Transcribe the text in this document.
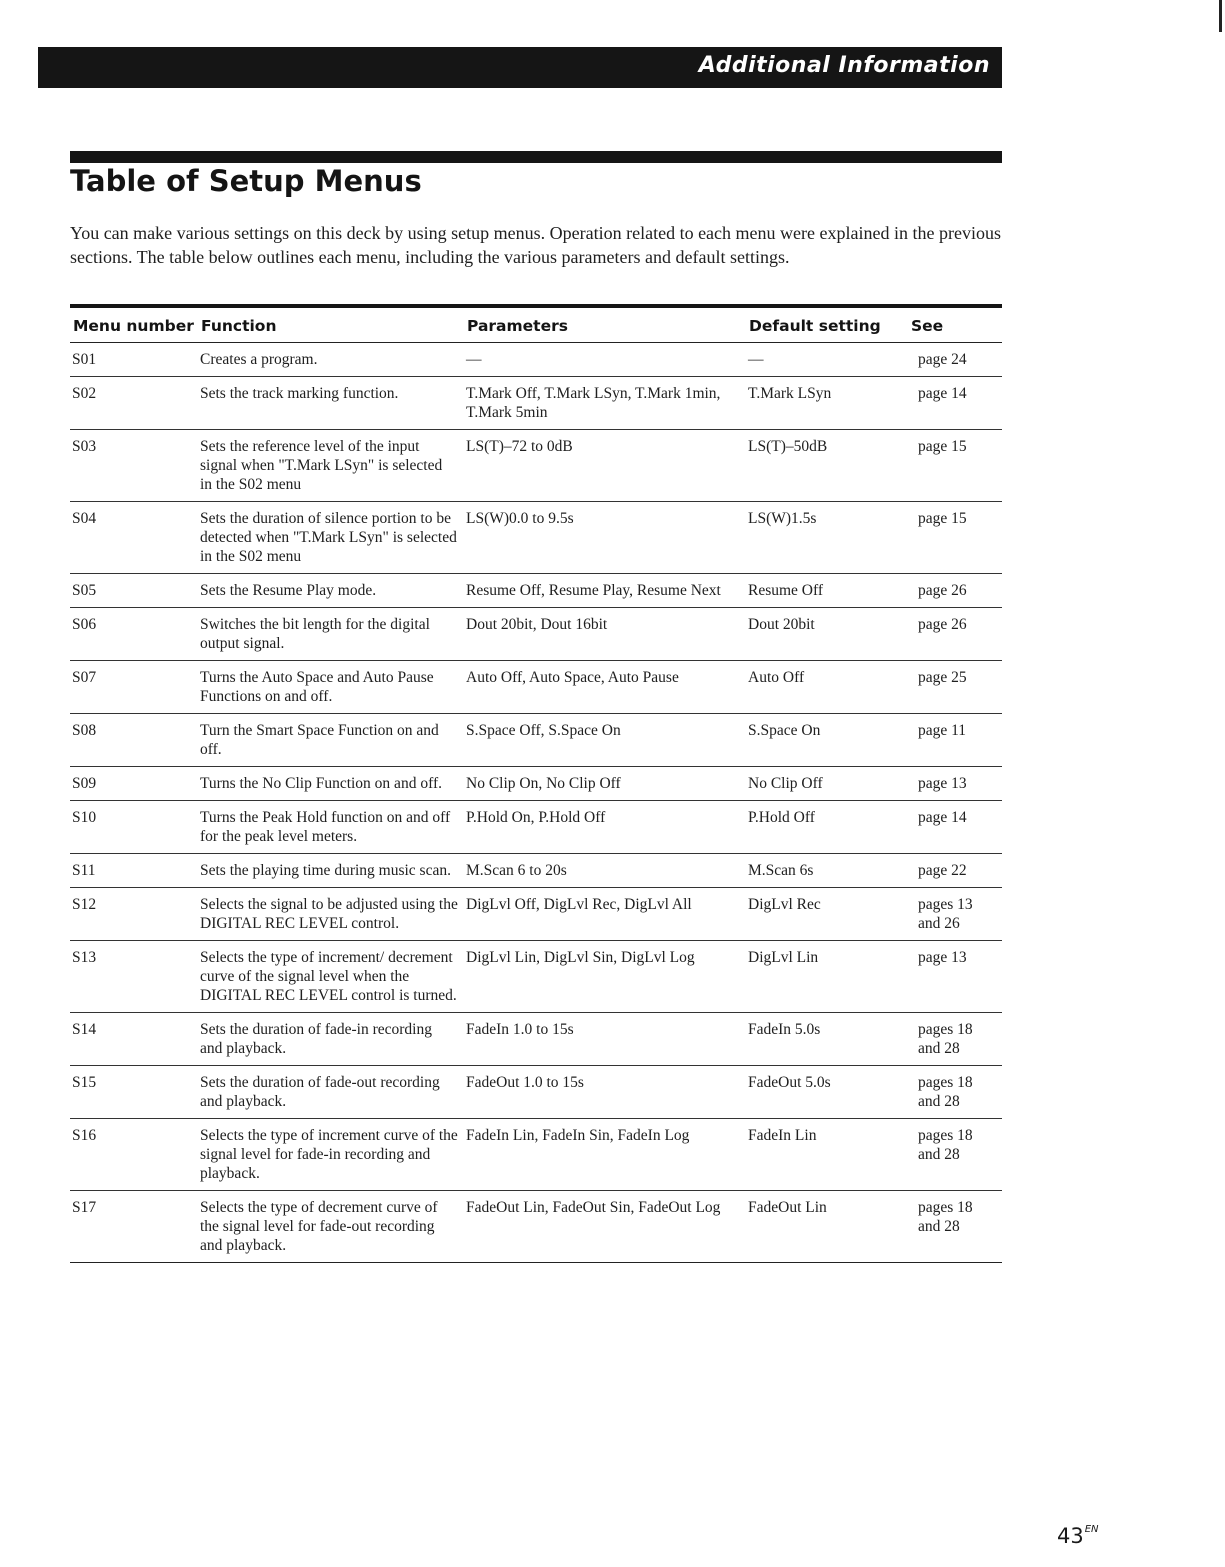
Additional Information
Table of Setup Menus

You can make various settings on this deck by using setup menus. Operation related to each menu were explained in the previous sections. The table below outlines each menu, including the various parameters and default settings.

Menu number	Function	Parameters	Default setting	See
S01	Creates a program.	—	—	page 24
S02	Sets the track marking function.	T.Mark Off, T.Mark LSyn, T.Mark 1min, T.Mark 5min	T.Mark LSyn	page 14
S03	Sets the reference level of the input signal when "T.Mark LSyn" is selected in the S02 menu	LS(T)–72 to 0dB	LS(T)–50dB	page 15
S04	Sets the duration of silence portion to be detected when "T.Mark LSyn" is selected in the S02 menu	LS(W)0.0 to 9.5s	LS(W)1.5s	page 15
S05	Sets the Resume Play mode.	Resume Off, Resume Play, Resume Next	Resume Off	page 26
S06	Switches the bit length for the digital output signal.	Dout 20bit, Dout 16bit	Dout 20bit	page 26
S07	Turns the Auto Space and Auto Pause Functions on and off.	Auto Off, Auto Space, Auto Pause	Auto Off	page 25
S08	Turn the Smart Space Function on and off.	S.Space Off, S.Space On	S.Space On	page 11
S09	Turns the No Clip Function on and off.	No Clip On, No Clip Off	No Clip Off	page 13
S10	Turns the Peak Hold function on and off for the peak level meters.	P.Hold On, P.Hold Off	P.Hold Off	page 14
S11	Sets the playing time during music scan.	M.Scan 6 to 20s	M.Scan 6s	page 22
S12	Selects the signal to be adjusted using the DIGITAL REC LEVEL control.	DigLvl Off, DigLvl Rec, DigLvl All	DigLvl Rec	pages 13 and 26
S13	Selects the type of increment/ decrement curve of the signal level when the DIGITAL REC LEVEL control is turned.	DigLvl Lin, DigLvl Sin, DigLvl Log	DigLvl Lin	page 13
S14	Sets the duration of fade-in recording and playback.	FadeIn 1.0 to 15s	FadeIn 5.0s	pages 18 and 28
S15	Sets the duration of fade-out recording and playback.	FadeOut 1.0 to 15s	FadeOut 5.0s	pages 18 and 28
S16	Selects the type of increment curve of the signal level for fade-in recording and playback.	FadeIn Lin, FadeIn Sin, FadeIn Log	FadeIn Lin	pages 18 and 28
S17	Selects the type of decrement curve of the signal level for fade-out recording and playback.	FadeOut Lin, FadeOut Sin, FadeOut Log	FadeOut Lin	pages 18 and 28
$43^{EN}$
